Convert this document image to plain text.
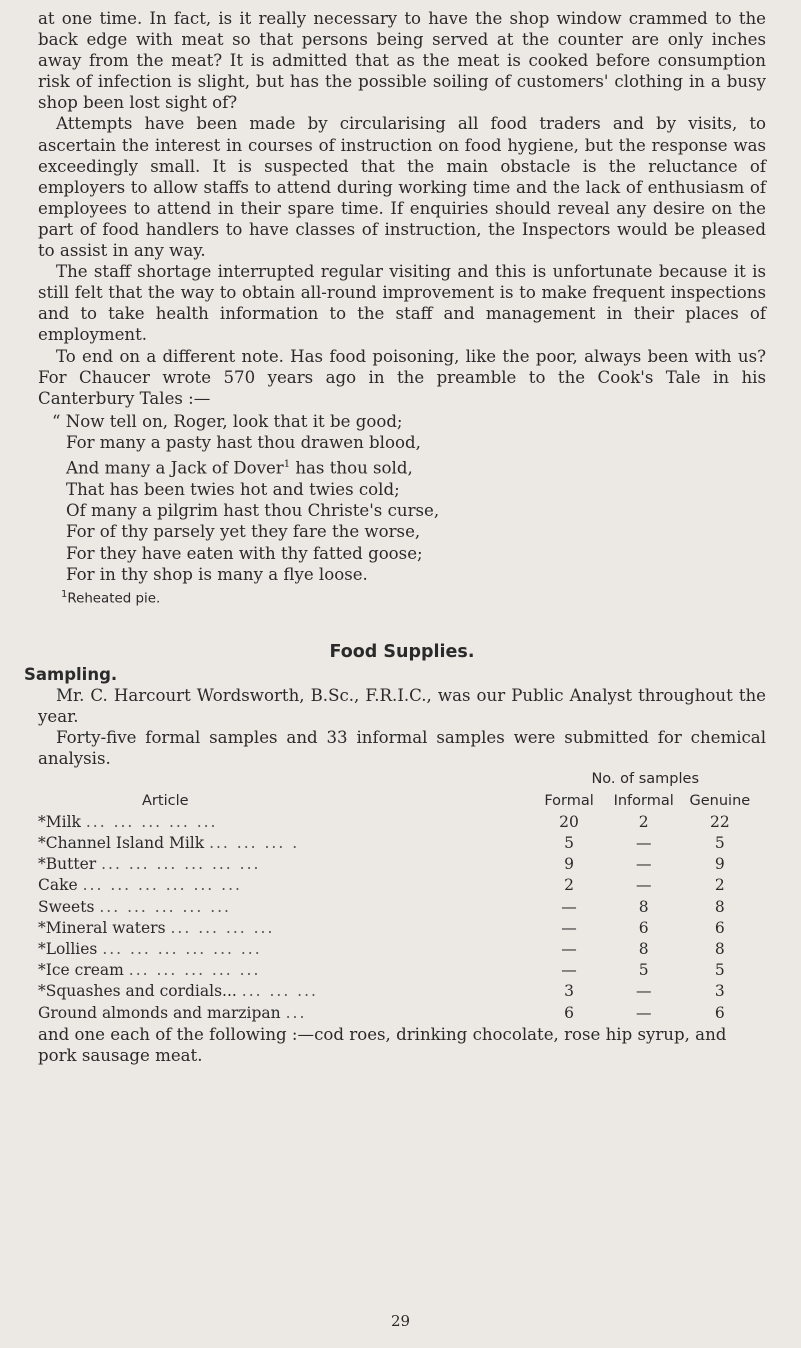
at one time. In fact, is it really necessary to have the shop window crammed to the back edge with meat so that persons being served at the counter are only inches away from the meat? It is admitted that as the meat is cooked before consumption risk of infection is slight, but has the possible soiling of customers' clothing in a busy shop been lost sight of?

Attempts have been made by circularising all food traders and by visits, to ascertain the interest in courses of instruction on food hygiene, but the response was exceedingly small. It is suspected that the main obstacle is the reluctance of employers to allow staffs to attend during working time and the lack of enthusiasm of employees to attend in their spare time. If enquiries should reveal any desire on the part of food handlers to have classes of instruction, the Inspectors would be pleased to assist in any way.

The staff shortage interrupted regular visiting and this is unfortunate because it is still felt that the way to obtain all-round improvement is to make frequent inspections and to take health information to the staff and management in their places of employment.

To end on a different note. Has food poisoning, like the poor, always been with us? For Chaucer wrote 570 years ago in the preamble to the Cook's Tale in his Canterbury Tales :—

“ Now tell on, Roger, look that it be good;
For many a pasty hast thou drawen blood,
And many a Jack of Dover$^1$ has thou sold,
That has been twies hot and twies cold;
Of many a pilgrim hast thou Christe's curse,
For of thy parsely yet they fare the worse,
For they have eaten with thy fatted goose;
For in thy shop is many a flye loose.
$^1$Reheated pie.
Food Supplies.
Sampling.

Mr. C. Harcourt Wordsworth, B.Sc., F.R.I.C., was our Public Analyst throughout the year.

Forty-five formal samples and 33 informal samples were submitted for chemical analysis.

	No. of samples		
Article	Formal	Informal	Genuine
*Milk ... ... ... ... ...	20	2	22
*Channel Island Milk ... ... ... .	5	—	5
*Butter ... ... ... ... ... ...	9	—	9
Cake ... ... ... ... ... ...	2	—	2
Sweets ... ... ... ... ...	—	8	8
*Mineral waters ... ... ... ...	—	6	6
*Lollies ... ... ... ... ... ...	—	8	8
*Ice cream ... ... ... ... ...	—	5	5
*Squashes and cordials... ... ... ...	3	—	3
Ground almonds and marzipan ...	6	—	6

and one each of the following :—cod roes, drinking chocolate, rose hip syrup, and pork sausage meat.

29
